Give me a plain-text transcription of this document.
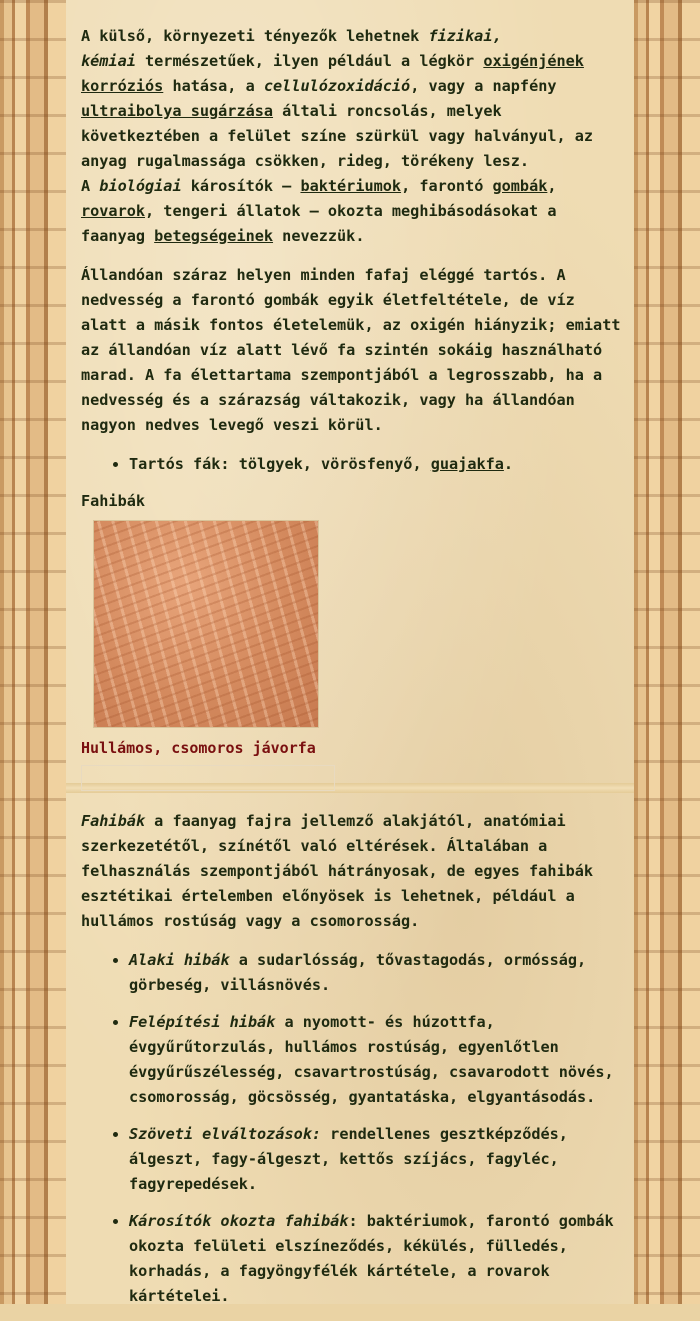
A külső, környezeti tényezők lehetnek fizikai,
kémiai természetűek, ilyen például a légkör oxigénjének korróziós hatása, a cellulózoxidáció, vagy a napfény ultraibolya sugárzása általi roncsolás, melyek következtében a felület színe szürkül vagy halványul, az anyag rugalmassága csökken, rideg, törékeny lesz.
A biológiai károsítók – baktériumok, farontó gombák, rovarok, tengeri állatok – okozta meghibásodásokat a faanyag betegségeinek nevezzük.

Állandóan száraz helyen minden fafaj eléggé tartós. A nedvesség a farontó gombák egyik életfeltétele, de víz alatt a másik fontos életelemük, az oxigén hiányzik; emiatt az állandóan víz alatt lévő fa szintén sokáig használható marad. A fa élettartama szempontjából a legrosszabb, ha a nedvesség és a szárazság váltakozik, vagy ha állandóan nagyon nedves levegő veszi körül.

• Tartós fák: tölgyek, vörösfenyő, guajakfa.

Fahibák

Hullámos, csomoros jávorfa

Fahibák a faanyag fajra jellemző alakjától, anatómiai szerkezetétől, színétől való eltérések. Általában a felhasználás szempontjából hátrányosak, de egyes fahibák esztétikai értelemben előnyösek is lehetnek, például a hullámos rostúság vagy a csomorosság.

• Alaki hibák a sudarlósság, tővastagodás, ormósság, görbeség, villásnövés.
• Felépítési hibák a nyomott- és húzottfa, évgyűrűtorzulás, hullámos rostúság, egyenlőtlen évgyűrűszélesség, csavartrostúság, csavarodott növés, csomorosság, göcsösség, gyantatáska, elgyantásodás.
• Szöveti elváltozások: rendellenes gesztképződés, álgeszt, fagy-álgeszt, kettős szíjács, fagyléc, fagyrepedések.
• Károsítók okozta fahibák: baktériumok, farontó gombák okozta felületi elszíneződés, kékülés, fülledés, korhadás, a fagyöngyfélék kártétele, a rovarok kártételei.
